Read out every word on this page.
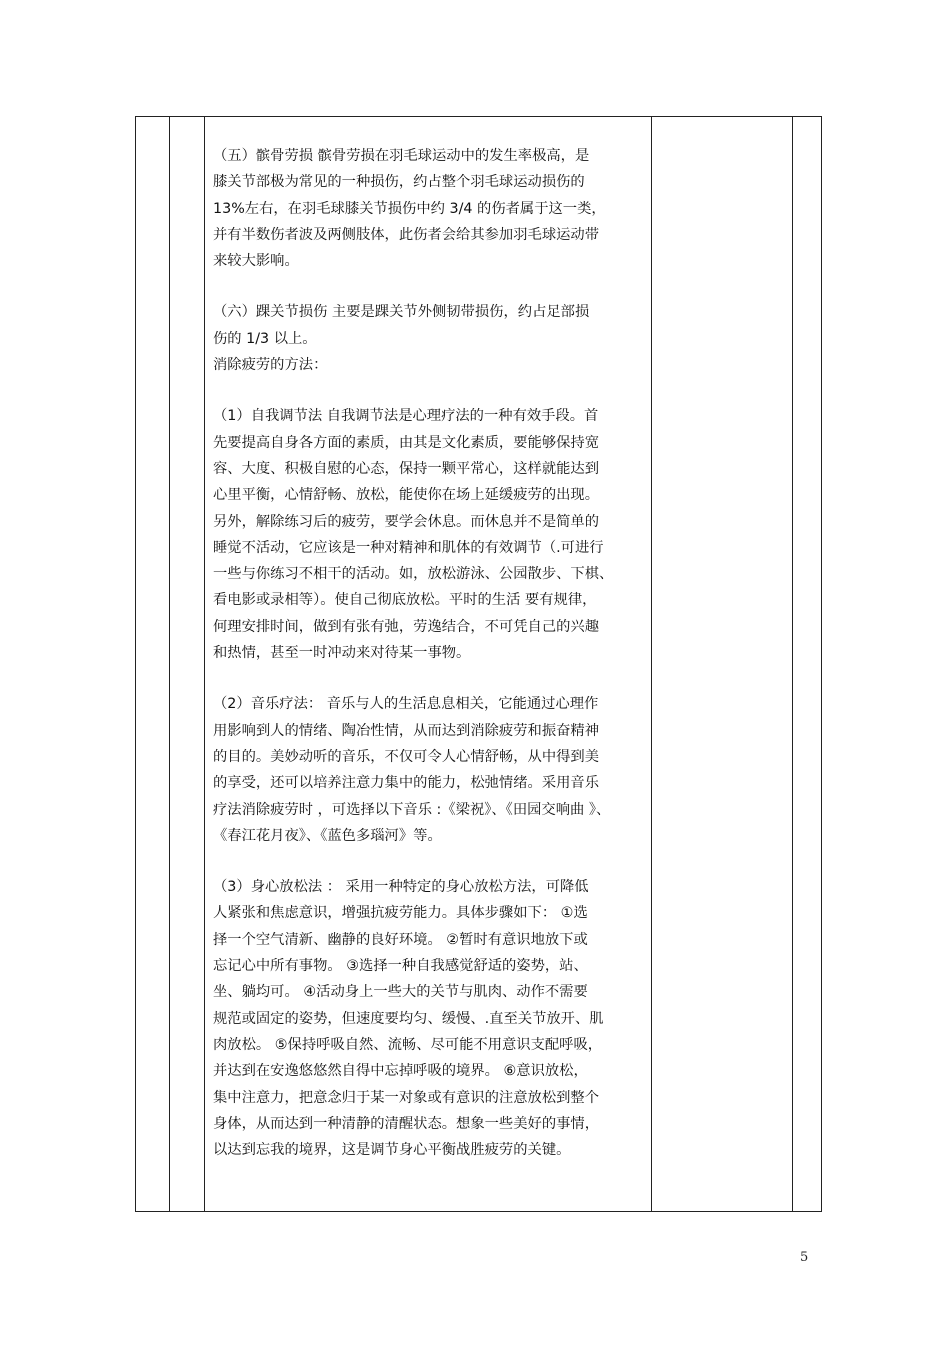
（五）髌骨劳损 髌骨劳损在羽毛球运动中的发生率极高，是
膝关节部极为常见的一种损伤，约占整个羽毛球运动损伤的
13%左右，在羽毛球膝关节损伤中约 3/4 的伤者属于这一类，
并有半数伤者波及两侧肢体，此伤者会给其参加羽毛球运动带
来较大影响。

（六）踝关节损伤 主要是踝关节外侧韧带损伤，约占足部损
伤的 1/3 以上。
消除疲劳的方法：

（1）自我调节法 自我调节法是心理疗法的一种有效手段。首
先要提高自身各方面的素质，由其是文化素质，要能够保持宽
容、大度、积极自慰的心态，保持一颗平常心，这样就能达到
心里平衡，心情舒畅、放松，能使你在场上延缓疲劳的出现。
另外，解除练习后的疲劳，要学会休息。而休息并不是简单的
睡觉不活动，它应该是一种对精神和肌体的有效调节（.可进行
一些与你练习不相干的活动。如，放松游泳、公园散步、下棋、
看电影或录相等）。使自己彻底放松。平时的生活 要有规律，
何理安排时间，做到有张有弛，劳逸结合，不可凭自己的兴趣
和热情，甚至一时冲动来对待某一事物。

（2）音乐疗法： 音乐与人的生活息息相关，它能通过心理作
用影响到人的情绪、陶冶性情，从而达到消除疲劳和振奋精神
的目的。美妙动听的音乐，不仅可令人心情舒畅，从中得到美
的享受，还可以培养注意力集中的能力，松弛情绪。采用音乐
疗法消除疲劳时 ，可选择以下音乐 :《梁祝》、《田园交响曲 》、
《春江花月夜》、《蓝色多瑙河》等。

（3）身心放松法 ： 采用一种特定的身心放松方法，可降低
人紧张和焦虑意识，增强抗疲劳能力。具体步骤如下： ①选
择一个空气清新、幽静的良好环境。 ②暂时有意识地放下或
忘记心中所有事物。 ③选择一种自我感觉舒适的姿势，站、
坐、躺均可。 ④活动身上一些大的关节与肌肉、动作不需要
规范或固定的姿势，但速度要均匀、缓慢、.直至关节放开、肌
肉放松。 ⑤保持呼吸自然、流畅、尽可能不用意识支配呼吸，
并达到在安逸悠悠然自得中忘掉呼吸的境界。 ⑥意识放松，
集中注意力，把意念归于某一对象或有意识的注意放松到整个
身体，从而达到一种清静的清醒状态。想象一些美好的事情，
以达到忘我的境界，这是调节身心平衡战胜疲劳的关键。

5
